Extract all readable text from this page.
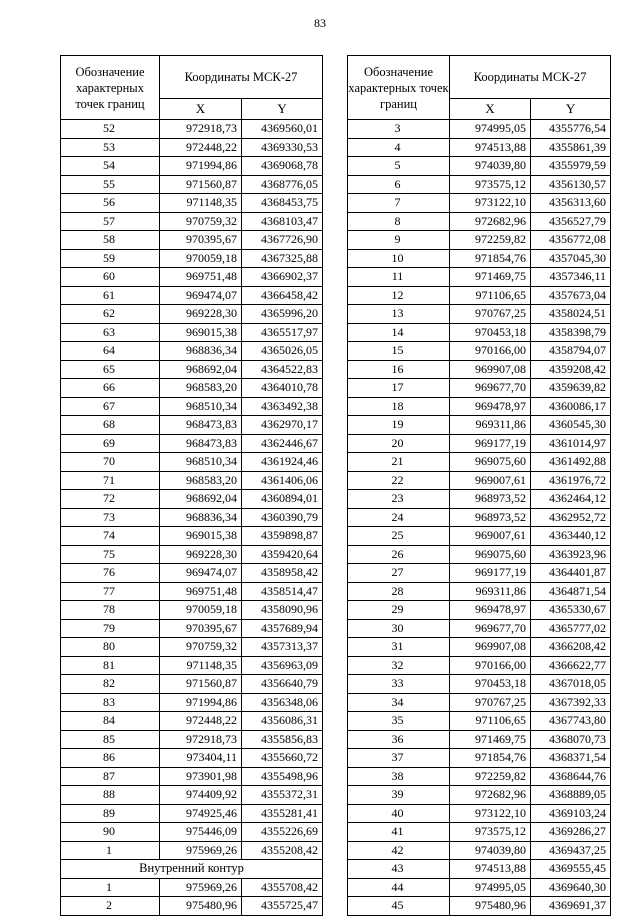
83
Обозначение характерных точек границ	Координаты МСК-27	
	X	Y
52	972918,73	4369560,01
53	972448,22	4369330,53
54	971994,86	4369068,78
55	971560,87	4368776,05
56	971148,35	4368453,75
57	970759,32	4368103,47
58	970395,67	4367726,90
59	970059,18	4367325,88
60	969751,48	4366902,37
61	969474,07	4366458,42
62	969228,30	4365996,20
63	969015,38	4365517,97
64	968836,34	4365026,05
65	968692,04	4364522,83
66	968583,20	4364010,78
67	968510,34	4363492,38
68	968473,83	4362970,17
69	968473,83	4362446,67
70	968510,34	4361924,46
71	968583,20	4361406,06
72	968692,04	4360894,01
73	968836,34	4360390,79
74	969015,38	4359898,87
75	969228,30	4359420,64
76	969474,07	4358958,42
77	969751,48	4358514,47
78	970059,18	4358090,96
79	970395,67	4357689,94
80	970759,32	4357313,37
81	971148,35	4356963,09
82	971560,87	4356640,79
83	971994,86	4356348,06
84	972448,22	4356086,31
85	972918,73	4355856,83
86	973404,11	4355660,72
87	973901,98	4355498,96
88	974409,92	4355372,31
89	974925,46	4355281,41
90	975446,09	4355226,69
1	975969,26	4355208,42
Внутренний контур		
1	975969,26	4355708,42
2	975480,96	4355725,47
Обозначение характерных точек границ	Координаты МСК-27	
	X	Y
3	974995,05	4355776,54
4	974513,88	4355861,39
5	974039,80	4355979,59
6	973575,12	4356130,57
7	973122,10	4356313,60
8	972682,96	4356527,79
9	972259,82	4356772,08
10	971854,76	4357045,30
11	971469,75	4357346,11
12	971106,65	4357673,04
13	970767,25	4358024,51
14	970453,18	4358398,79
15	970166,00	4358794,07
16	969907,08	4359208,42
17	969677,70	4359639,82
18	969478,97	4360086,17
19	969311,86	4360545,30
20	969177,19	4361014,97
21	969075,60	4361492,88
22	969007,61	4361976,72
23	968973,52	4362464,12
24	968973,52	4362952,72
25	969007,61	4363440,12
26	969075,60	4363923,96
27	969177,19	4364401,87
28	969311,86	4364871,54
29	969478,97	4365330,67
30	969677,70	4365777,02
31	969907,08	4366208,42
32	970166,00	4366622,77
33	970453,18	4367018,05
34	970767,25	4367392,33
35	971106,65	4367743,80
36	971469,75	4368070,73
37	971854,76	4368371,54
38	972259,82	4368644,76
39	972682,96	4368889,05
40	973122,10	4369103,24
41	973575,12	4369286,27
42	974039,80	4369437,25
43	974513,88	4369555,45
44	974995,05	4369640,30
45	975480,96	4369691,37
